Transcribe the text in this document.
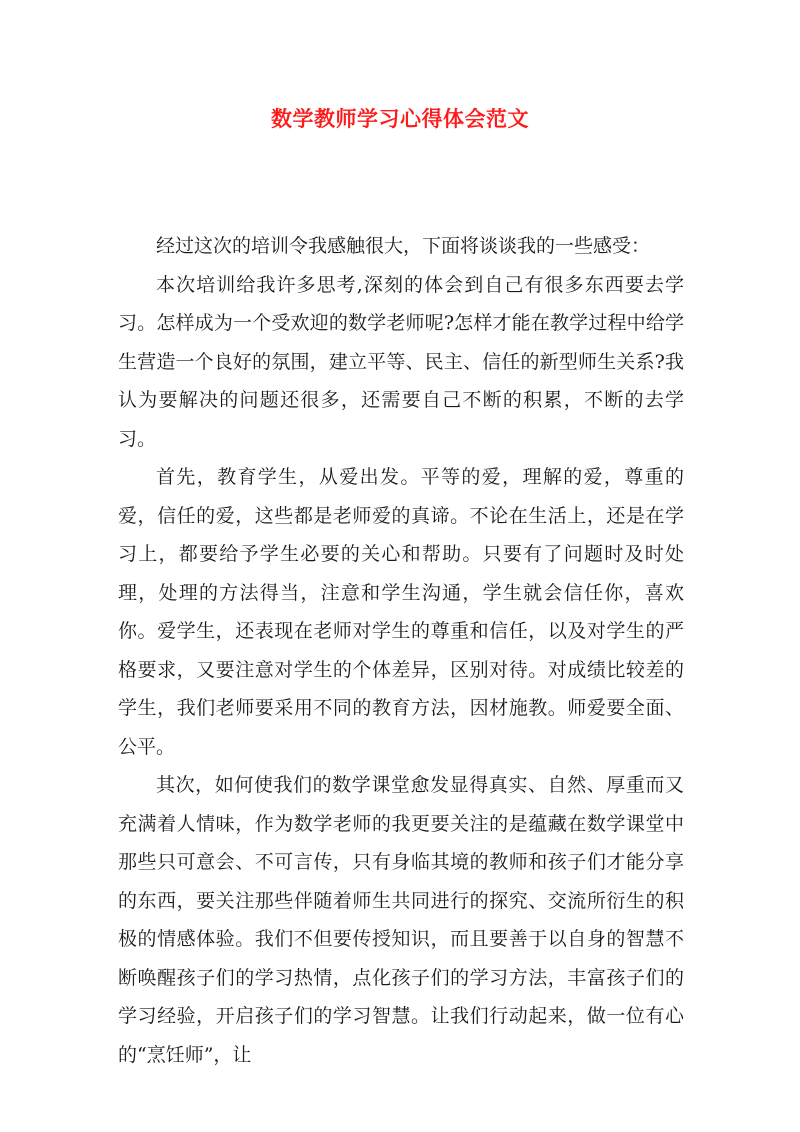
数学教师学习心得体会范文

经过这次的培训令我感触很大，下面将谈谈我的一些感受：

本次培训给我许多思考,深刻的体会到自己有很多东西要去学习。怎样成为一个受欢迎的数学老师呢?怎样才能在教学过程中给学生营造一个良好的氛围，建立平等、民主、信任的新型师生关系?我认为要解决的问题还很多，还需要自己不断的积累，不断的去学习。

首先，教育学生，从爱出发。平等的爱，理解的爱，尊重的爱，信任的爱，这些都是老师爱的真谛。不论在生活上，还是在学习上，都要给予学生必要的关心和帮助。只要有了问题时及时处理，处理的方法得当，注意和学生沟通，学生就会信任你，喜欢你。爱学生，还表现在老师对学生的尊重和信任，以及对学生的严格要求，又要注意对学生的个体差异，区别对待。对成绩比较差的学生，我们老师要采用不同的教育方法，因材施教。师爱要全面、公平。

其次，如何使我们的数学课堂愈发显得真实、自然、厚重而又充满着人情味，作为数学老师的我更要关注的是蕴藏在数学课堂中那些只可意会、不可言传，只有身临其境的教师和孩子们才能分享的东西，要关注那些伴随着师生共同进行的探究、交流所衍生的积极的情感体验。我们不但要传授知识，而且要善于以自身的智慧不断唤醒孩子们的学习热情，点化孩子们的学习方法，丰富孩子们的学习经验，开启孩子们的学习智慧。让我们行动起来，做一位有心的“烹饪师”，让
